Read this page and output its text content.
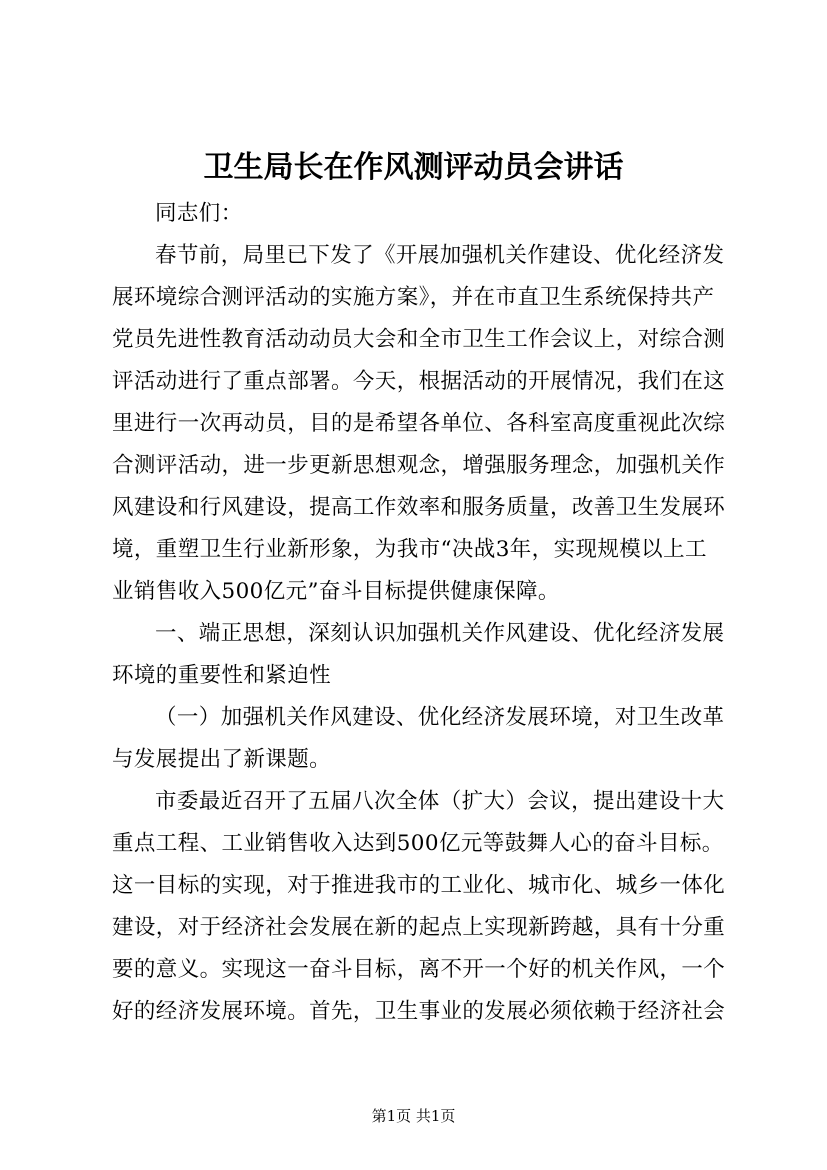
卫生局长在作风测评动员会讲话
同志们：
春节前，局里已下发了《开展加强机关作建设、优化经济发
展环境综合测评活动的实施方案》，并在市直卫生系统保持共产
党员先进性教育活动动员大会和全市卫生工作会议上，对综合测
评活动进行了重点部署。今天，根据活动的开展情况，我们在这
里进行一次再动员，目的是希望各单位、各科室高度重视此次综
合测评活动，进一步更新思想观念，增强服务理念，加强机关作
风建设和行风建设，提高工作效率和服务质量，改善卫生发展环
境，重塑卫生行业新形象，为我市“决战3年，实现规模以上工
业销售收入500亿元”奋斗目标提供健康保障。
一、端正思想，深刻认识加强机关作风建设、优化经济发展
环境的重要性和紧迫性
（一）加强机关作风建设、优化经济发展环境，对卫生改革
与发展提出了新课题。
市委最近召开了五届八次全体（扩大）会议，提出建设十大
重点工程、工业销售收入达到500亿元等鼓舞人心的奋斗目标。
这一目标的实现，对于推进我市的工业化、城市化、城乡一体化
建设，对于经济社会发展在新的起点上实现新跨越，具有十分重
要的意义。实现这一奋斗目标，离不开一个好的机关作风，一个
好的经济发展环境。首先，卫生事业的发展必须依赖于经济社会
第1页 共1页
